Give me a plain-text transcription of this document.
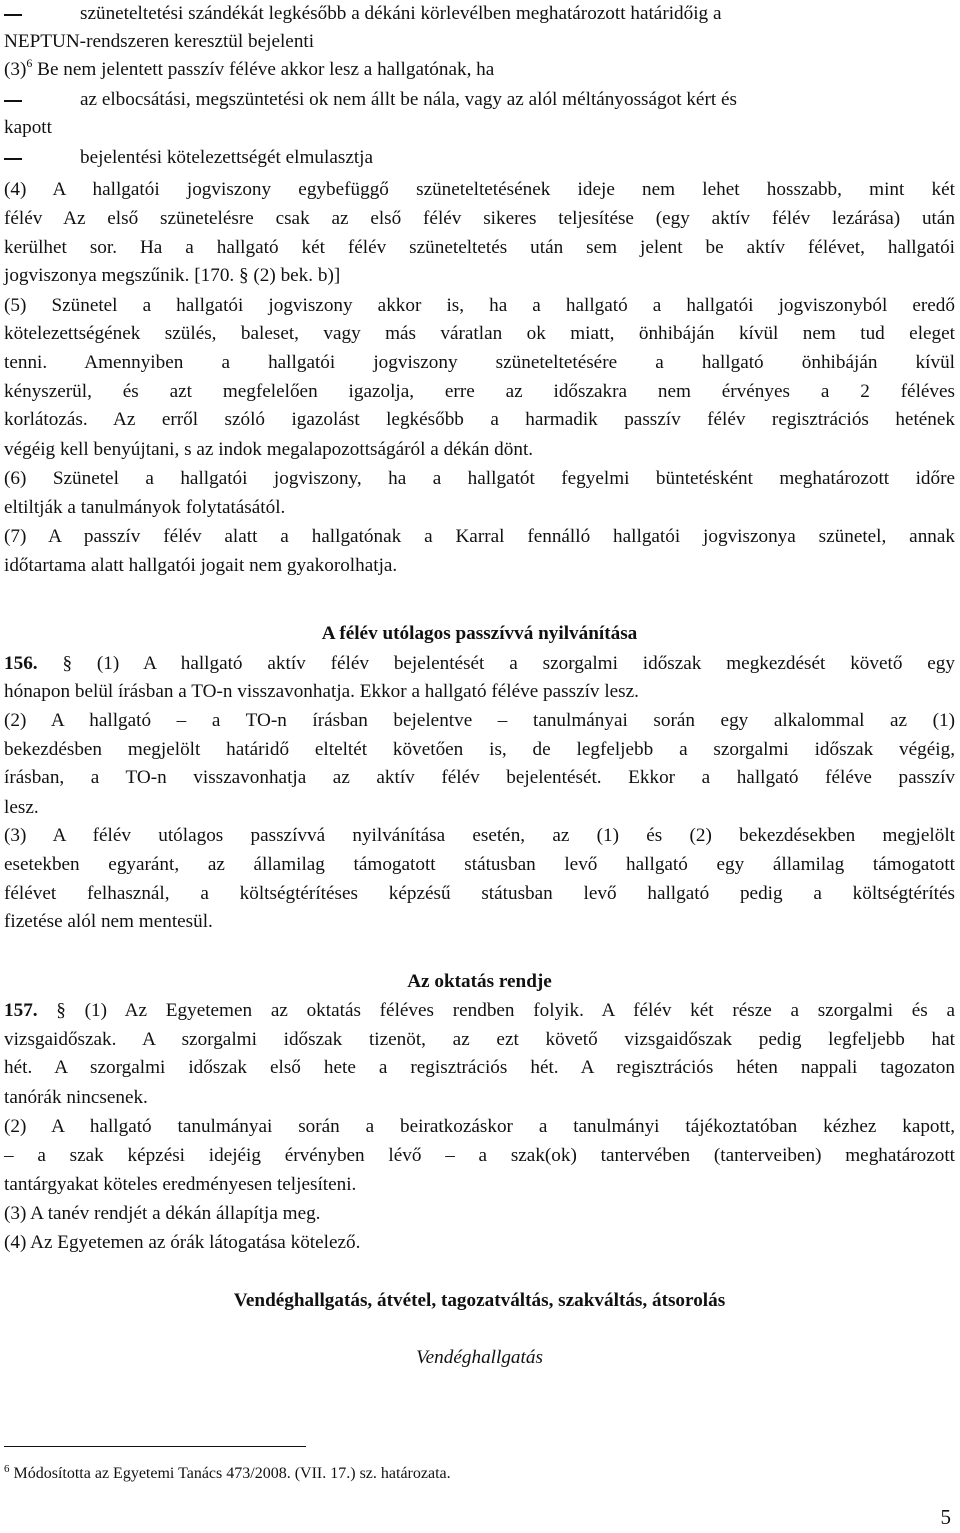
szüneteltetési szándékát legkésőbb a dékáni körlevélben meghatározott határidőig a
NEPTUN-rendszeren keresztül bejelenti
$(3)^6$ Be nem jelentett passzív féléve akkor lesz a hallgatónak, ha
az elbocsátási, megszüntetési ok nem állt be nála, vagy az alól méltányosságot kért és
kapott
bejelentési kötelezettségét elmulasztja
(4) A hallgatói jogviszony egybefüggő szüneteltetésének ideje nem lehet hosszabb, mint két
félév Az első szünetelésre csak az első félév sikeres teljesítése (egy aktív félév lezárása) után
kerülhet sor. Ha a hallgató két félév szüneteltetés után sem jelent be aktív félévet, hallgatói
jogviszonya megszűnik. [170. § (2) bek. b)]
(5) Szünetel a hallgatói jogviszony akkor is, ha a hallgató a hallgatói jogviszonyból eredő
kötelezettségének szülés, baleset, vagy más váratlan ok miatt, önhibáján kívül nem tud eleget
tenni. Amennyiben a hallgatói jogviszony szüneteltetésére a hallgató önhibáján kívül
kényszerül, és azt megfelelően igazolja, erre az időszakra nem érvényes a 2 féléves
korlátozás. Az erről szóló igazolást legkésőbb a harmadik passzív félév regisztrációs hetének
végéig kell benyújtani, s az indok megalapozottságáról a dékán dönt.
(6) Szünetel a hallgatói jogviszony, ha a hallgatót fegyelmi büntetésként meghatározott időre
eltiltják a tanulmányok folytatásától.
(7) A passzív félév alatt a hallgatónak a Karral fennálló hallgatói jogviszonya szünetel, annak
időtartama alatt hallgatói jogait nem gyakorolhatja.
A félév utólagos passzívvá nyilvánítása
156. § (1) A hallgató aktív félév bejelentését a szorgalmi időszak megkezdését követő egy
hónapon belül írásban a TO-n visszavonhatja. Ekkor a hallgató féléve passzív lesz.
(2) A hallgató – a TO-n írásban bejelentve – tanulmányai során egy alkalommal az (1)
bekezdésben megjelölt határidő elteltét követően is, de legfeljebb a szorgalmi időszak végéig,
írásban, a TO-n visszavonhatja az aktív félév bejelentését. Ekkor a hallgató féléve passzív
lesz.
(3) A félév utólagos passzívvá nyilvánítása esetén, az (1) és (2) bekezdésekben megjelölt
esetekben egyaránt, az államilag támogatott státusban levő hallgató egy államilag támogatott
félévet felhasznál, a költségtérítéses képzésű státusban levő hallgató pedig a költségtérítés
fizetése alól nem mentesül.
Az oktatás rendje
157. § (1) Az Egyetemen az oktatás féléves rendben folyik. A félév két része a szorgalmi és a
vizsgaidőszak. A szorgalmi időszak tizenöt, az ezt követő vizsgaidőszak pedig legfeljebb hat
hét. A szorgalmi időszak első hete a regisztrációs hét. A regisztrációs héten nappali tagozaton
tanórák nincsenek.
(2) A hallgató tanulmányai során a beiratkozáskor a tanulmányi tájékoztatóban kézhez kapott,
– a szak képzési idejéig érvényben lévő – a szak(ok) tantervében (tanterveiben) meghatározott
tantárgyakat köteles eredményesen teljesíteni.
(3) A tanév rendjét a dékán állapítja meg.
(4) Az Egyetemen az órák látogatása kötelező.
Vendéghallgatás, átvétel, tagozatváltás, szakváltás, átsorolás
Vendéghallgatás
$^6$ Módosította az Egyetemi Tanács 473/2008. (VII. 17.) sz. határozata.
5
